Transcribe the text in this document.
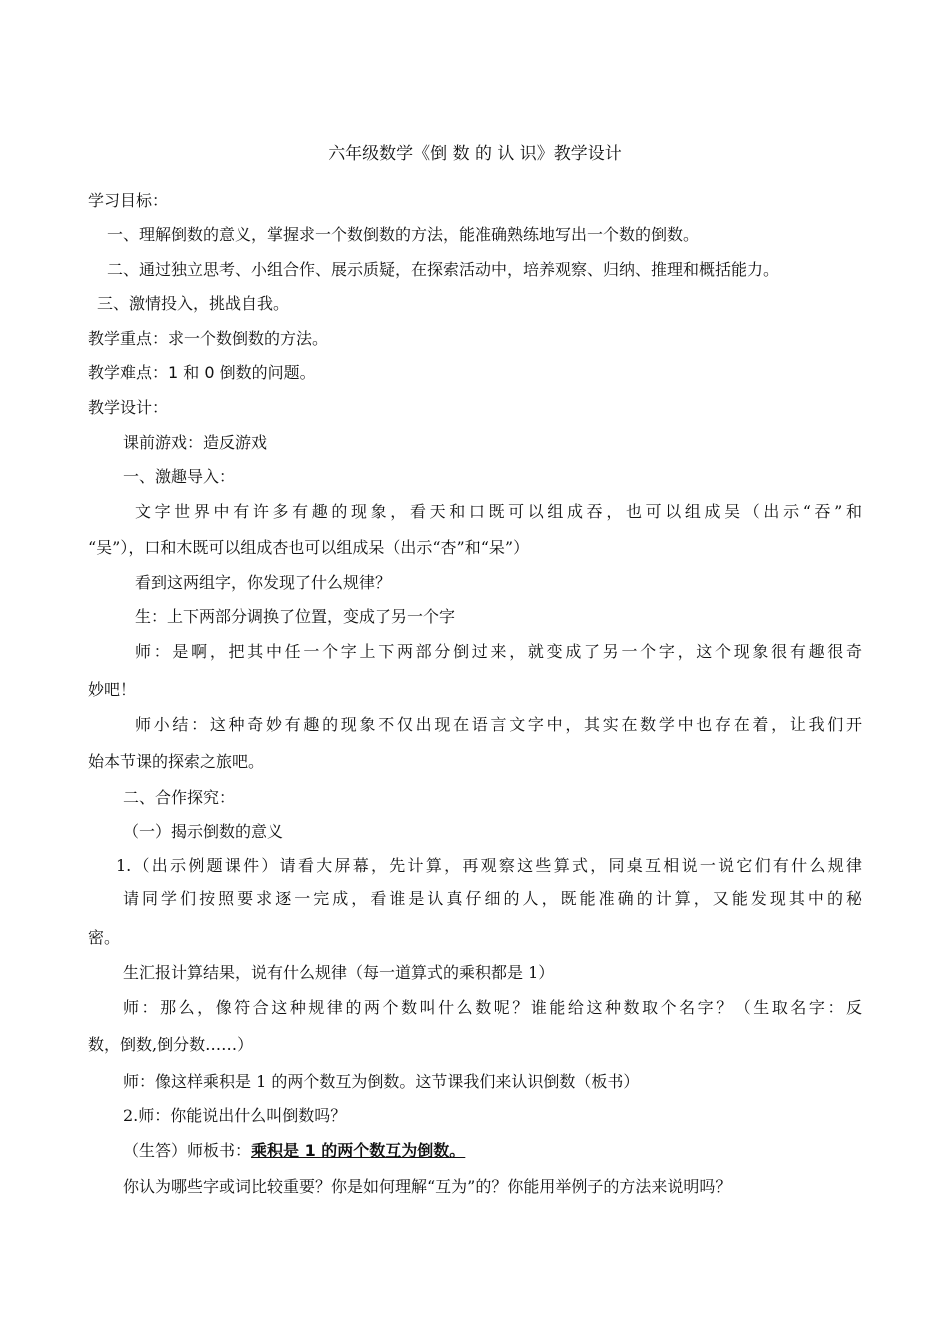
六年级数学《倒 数 的 认 识》教学设计
学习目标：
一、理解倒数的意义，掌握求一个数倒数的方法，能准确熟练地写出一个数的倒数。
二、通过独立思考、小组合作、展示质疑，在探索活动中，培养观察、归纳、推理和概括能力。
三、激情投入，挑战自我。
教学重点：求一个数倒数的方法。
教学难点：1 和 0 倒数的问题。
教学设计：
课前游戏：造反游戏
一、激趣导入：
文字世界中有许多有趣的现象，看天和口既可以组成吞，也可以组成吴（出示“吞”和
“吴”），口和木既可以组成杏也可以组成呆（出示“杏”和“呆”）
看到这两组字，你发现了什么规律？
生：上下两部分调换了位置，变成了另一个字
师：是啊，把其中任一个字上下两部分倒过来，就变成了另一个字，这个现象很有趣很奇
妙吧！
师小结：这种奇妙有趣的现象不仅出现在语言文字中，其实在数学中也存在着，让我们开
始本节课的探索之旅吧。
二、合作探究：
（一）揭示倒数的意义
1.（出示例题课件）请看大屏幕，先计算，再观察这些算式，同桌互相说一说它们有什么规律
请同学们按照要求逐一完成，看谁是认真仔细的人，既能准确的计算，又能发现其中的秘
密。
生汇报计算结果，说有什么规律（每一道算式的乘积都是 1）
师：那么，像符合这种规律的两个数叫什么数呢？谁能给这种数取个名字？（生取名字：反
数，倒数,倒分数……）
师：像这样乘积是 1 的两个数互为倒数。这节课我们来认识倒数（板书）
2.师：你能说出什么叫倒数吗？
（生答）师板书：乘积是 1 的两个数互为倒数。
你认为哪些字或词比较重要？你是如何理解“互为”的？你能用举例子的方法来说明吗？
